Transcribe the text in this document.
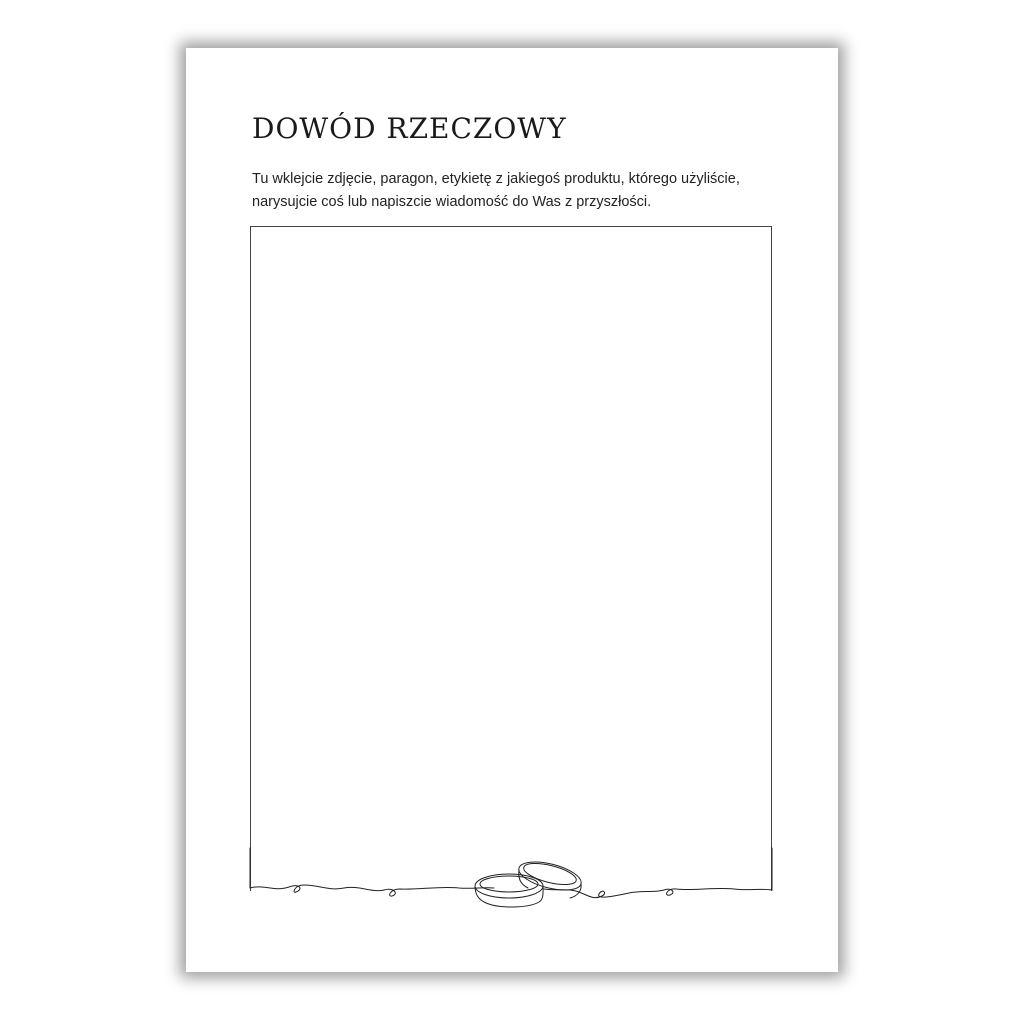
DOWÓD RZECZOWY

Tu wklejcie zdjęcie, paragon, etykietę z jakiegoś produktu, którego użyliście, narysujcie coś lub napiszcie wiadomość do Was z przyszłości.
